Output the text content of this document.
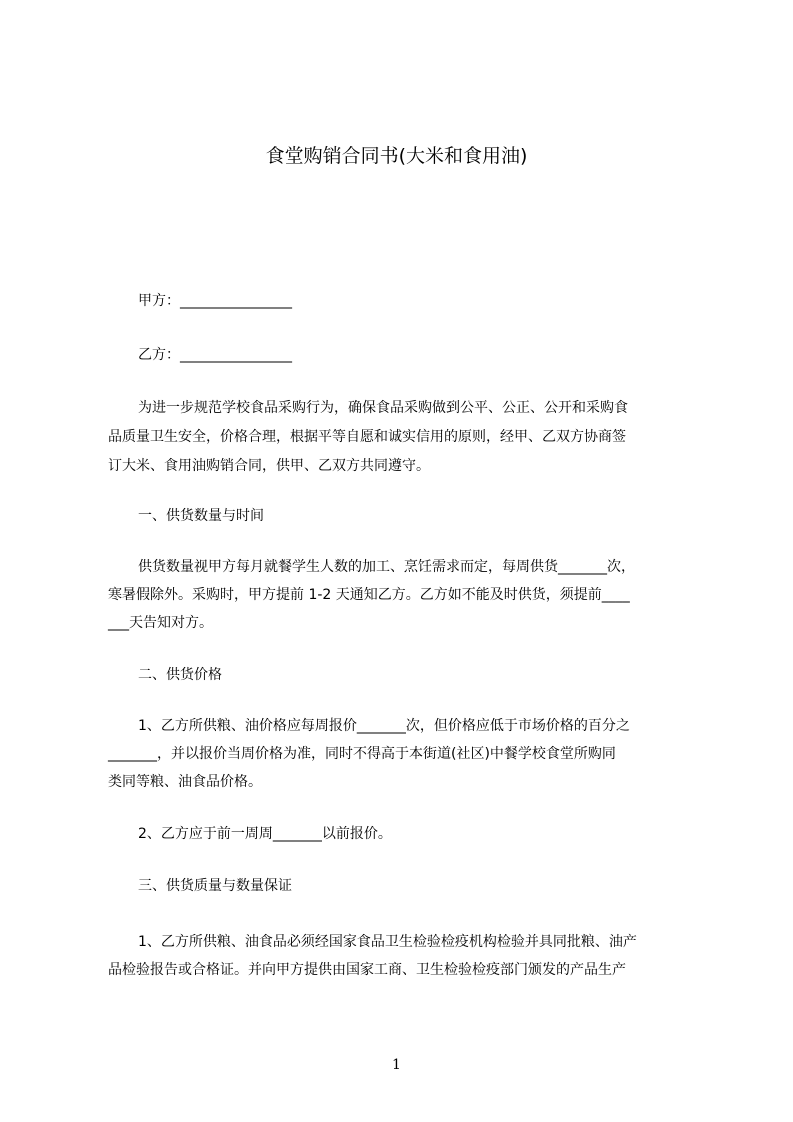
食堂购销合同书(大米和食用油)
甲方：________________
乙方：________________
为进一步规范学校食品采购行为，确保食品采购做到公平、公正、公开和采购食
品质量卫生安全，价格合理，根据平等自愿和诚实信用的原则，经甲、乙双方协商签
订大米、食用油购销合同，供甲、乙双方共同遵守。
一、供货数量与时间
供货数量视甲方每月就餐学生人数的加工、烹饪需求而定，每周供货_______次，
寒暑假除外。采购时，甲方提前 1-2 天通知乙方。乙方如不能及时供货，须提前____
___天告知对方。
二、供货价格
1、乙方所供粮、油价格应每周报价_______次，但价格应低于市场价格的百分之
_______，并以报价当周价格为准，同时不得高于本街道(社区)中餐学校食堂所购同
类同等粮、油食品价格。
2、乙方应于前一周周_______以前报价。
三、供货质量与数量保证
1、乙方所供粮、油食品必须经国家食品卫生检验检疫机构检验并具同批粮、油产
品检验报告或合格证。并向甲方提供由国家工商、卫生检验检疫部门颁发的产品生产
1
